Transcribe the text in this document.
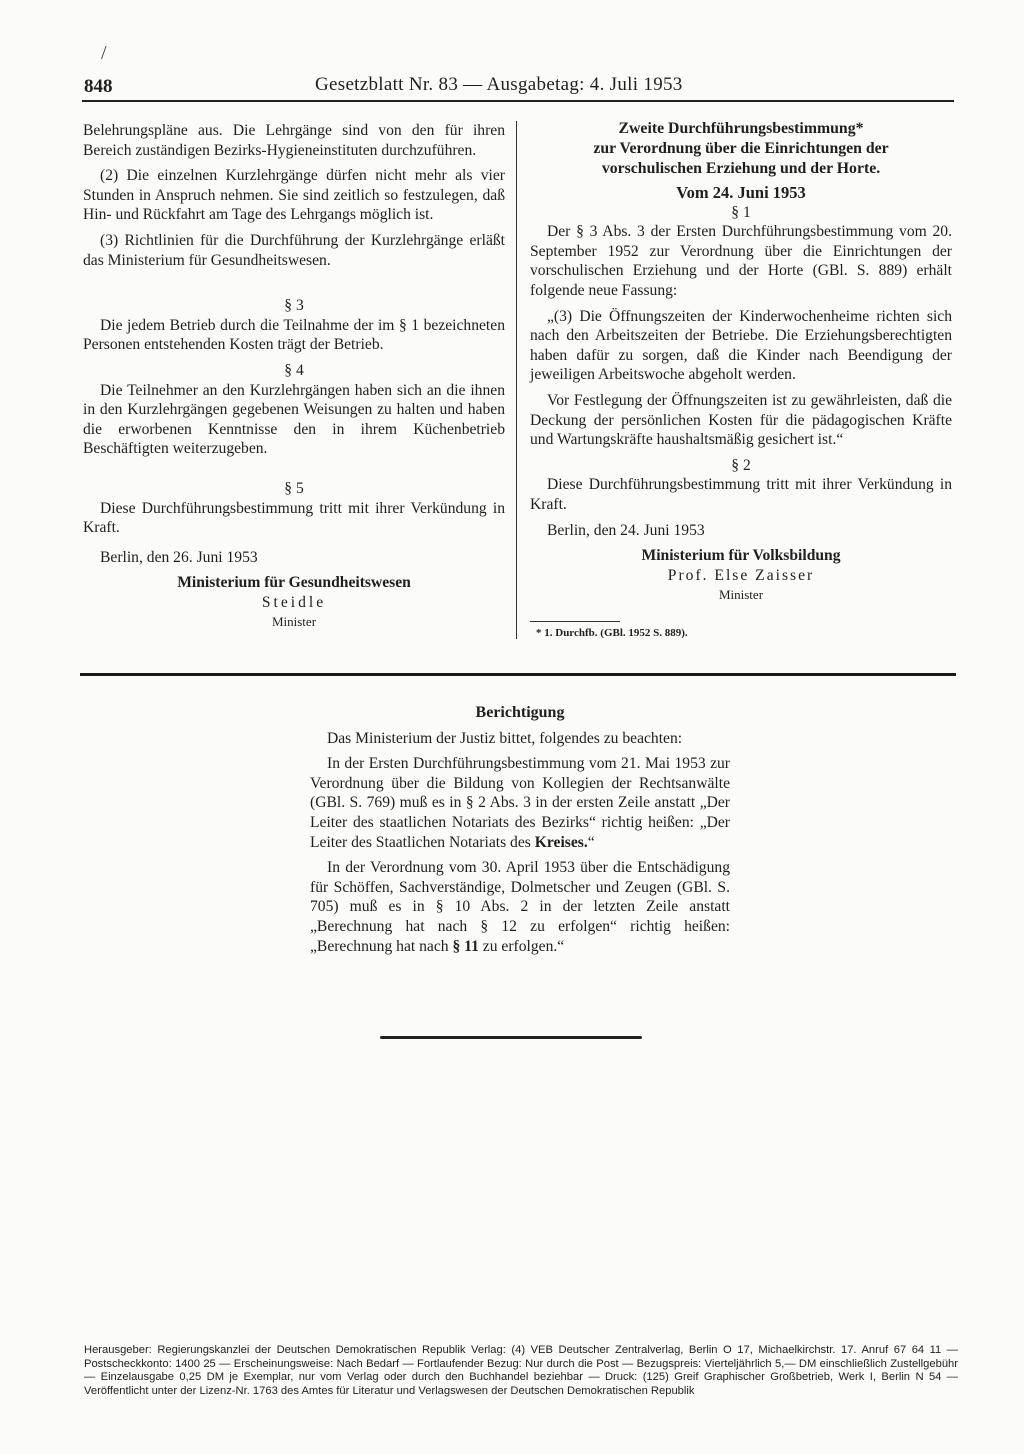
/
848	Gesetzblatt Nr. 83 — Ausgabetag: 4. Juli 1953

Belehrungspläne aus. Die Lehrgänge sind von den für ihren Bereich zuständigen Bezirks-Hygieneinstituten durchzuführen.

(2) Die einzelnen Kurzlehrgänge dürfen nicht mehr als vier Stunden in Anspruch nehmen. Sie sind zeitlich so festzulegen, daß Hin- und Rückfahrt am Tage des Lehrgangs möglich ist.

(3) Richtlinien für die Durchführung der Kurzlehrgänge erläßt das Ministerium für Gesundheitswesen.

§ 3

Die jedem Betrieb durch die Teilnahme der im § 1 bezeichneten Personen entstehenden Kosten trägt der Betrieb.

§ 4

Die Teilnehmer an den Kurzlehrgängen haben sich an die ihnen in den Kurzlehrgängen gegebenen Weisungen zu halten und haben die erworbenen Kenntnisse den in ihrem Küchenbetrieb Beschäftigten weiterzugeben.

§ 5

Diese Durchführungsbestimmung tritt mit ihrer Verkündung in Kraft.

Berlin, den 26. Juni 1953

Ministerium für Gesundheitswesen

Steidle

Minister

Zweite Durchführungsbestimmung*

zur Verordnung über die Einrichtungen der

vorschulischen Erziehung und der Horte.

Vom 24. Juni 1953

§ 1

Der § 3 Abs. 3 der Ersten Durchführungsbestimmung vom 20. September 1952 zur Verordnung über die Einrichtungen der vorschulischen Erziehung und der Horte (GBl. S. 889) erhält folgende neue Fassung:

„(3) Die Öffnungszeiten der Kinderwochenheime richten sich nach den Arbeitszeiten der Betriebe. Die Erziehungsberechtigten haben dafür zu sorgen, daß die Kinder nach Beendigung der jeweiligen Arbeitswoche abgeholt werden.

Vor Festlegung der Öffnungszeiten ist zu gewährleisten, daß die Deckung der persönlichen Kosten für die pädagogischen Kräfte und Wartungskräfte haushaltsmäßig gesichert ist.“

§ 2

Diese Durchführungsbestimmung tritt mit ihrer Verkündung in Kraft.

Berlin, den 24. Juni 1953

Ministerium für Volksbildung

Prof. Else Zaisser

Minister

* 1. Durchfb. (GBl. 1952 S. 889).

Berichtigung

Das Ministerium der Justiz bittet, folgendes zu beachten:

In der Ersten Durchführungsbestimmung vom 21. Mai 1953 zur Verordnung über die Bildung von Kollegien der Rechtsanwälte (GBl. S. 769) muß es in § 2 Abs. 3 in der ersten Zeile anstatt „Der Leiter des staatlichen Notariats des Bezirks“ richtig heißen: „Der Leiter des Staatlichen Notariats des Kreises.“

In der Verordnung vom 30. April 1953 über die Entschädigung für Schöffen, Sachverständige, Dolmetscher und Zeugen (GBl. S. 705) muß es in § 10 Abs. 2 in der letzten Zeile anstatt „Berechnung hat nach § 12 zu erfolgen“ richtig heißen: „Berechnung hat nach § 11 zu erfolgen.“

Herausgeber: Regierungskanzlei der Deutschen Demokratischen Republik Verlag: (4) VEB Deutscher Zentralverlag, Berlin O 17, Michaelkirchstr. 17. Anruf 67 64 11 — Postscheckkonto: 1400 25 — Erscheinungsweise: Nach Bedarf — Fortlaufender Bezug: Nur durch die Post — Bezugspreis: Vierteljährlich 5,— DM einschließlich Zustellgebühr — Einzelausgabe 0,25 DM je Exemplar, nur vom Verlag oder durch den Buchhandel beziehbar — Druck: (125) Greif Graphischer Großbetrieb, Werk I, Berlin N 54 — Veröffentlicht unter der Lizenz-Nr. 1763 des Amtes für Literatur und Verlagswesen der Deutschen Demokratischen Republik
